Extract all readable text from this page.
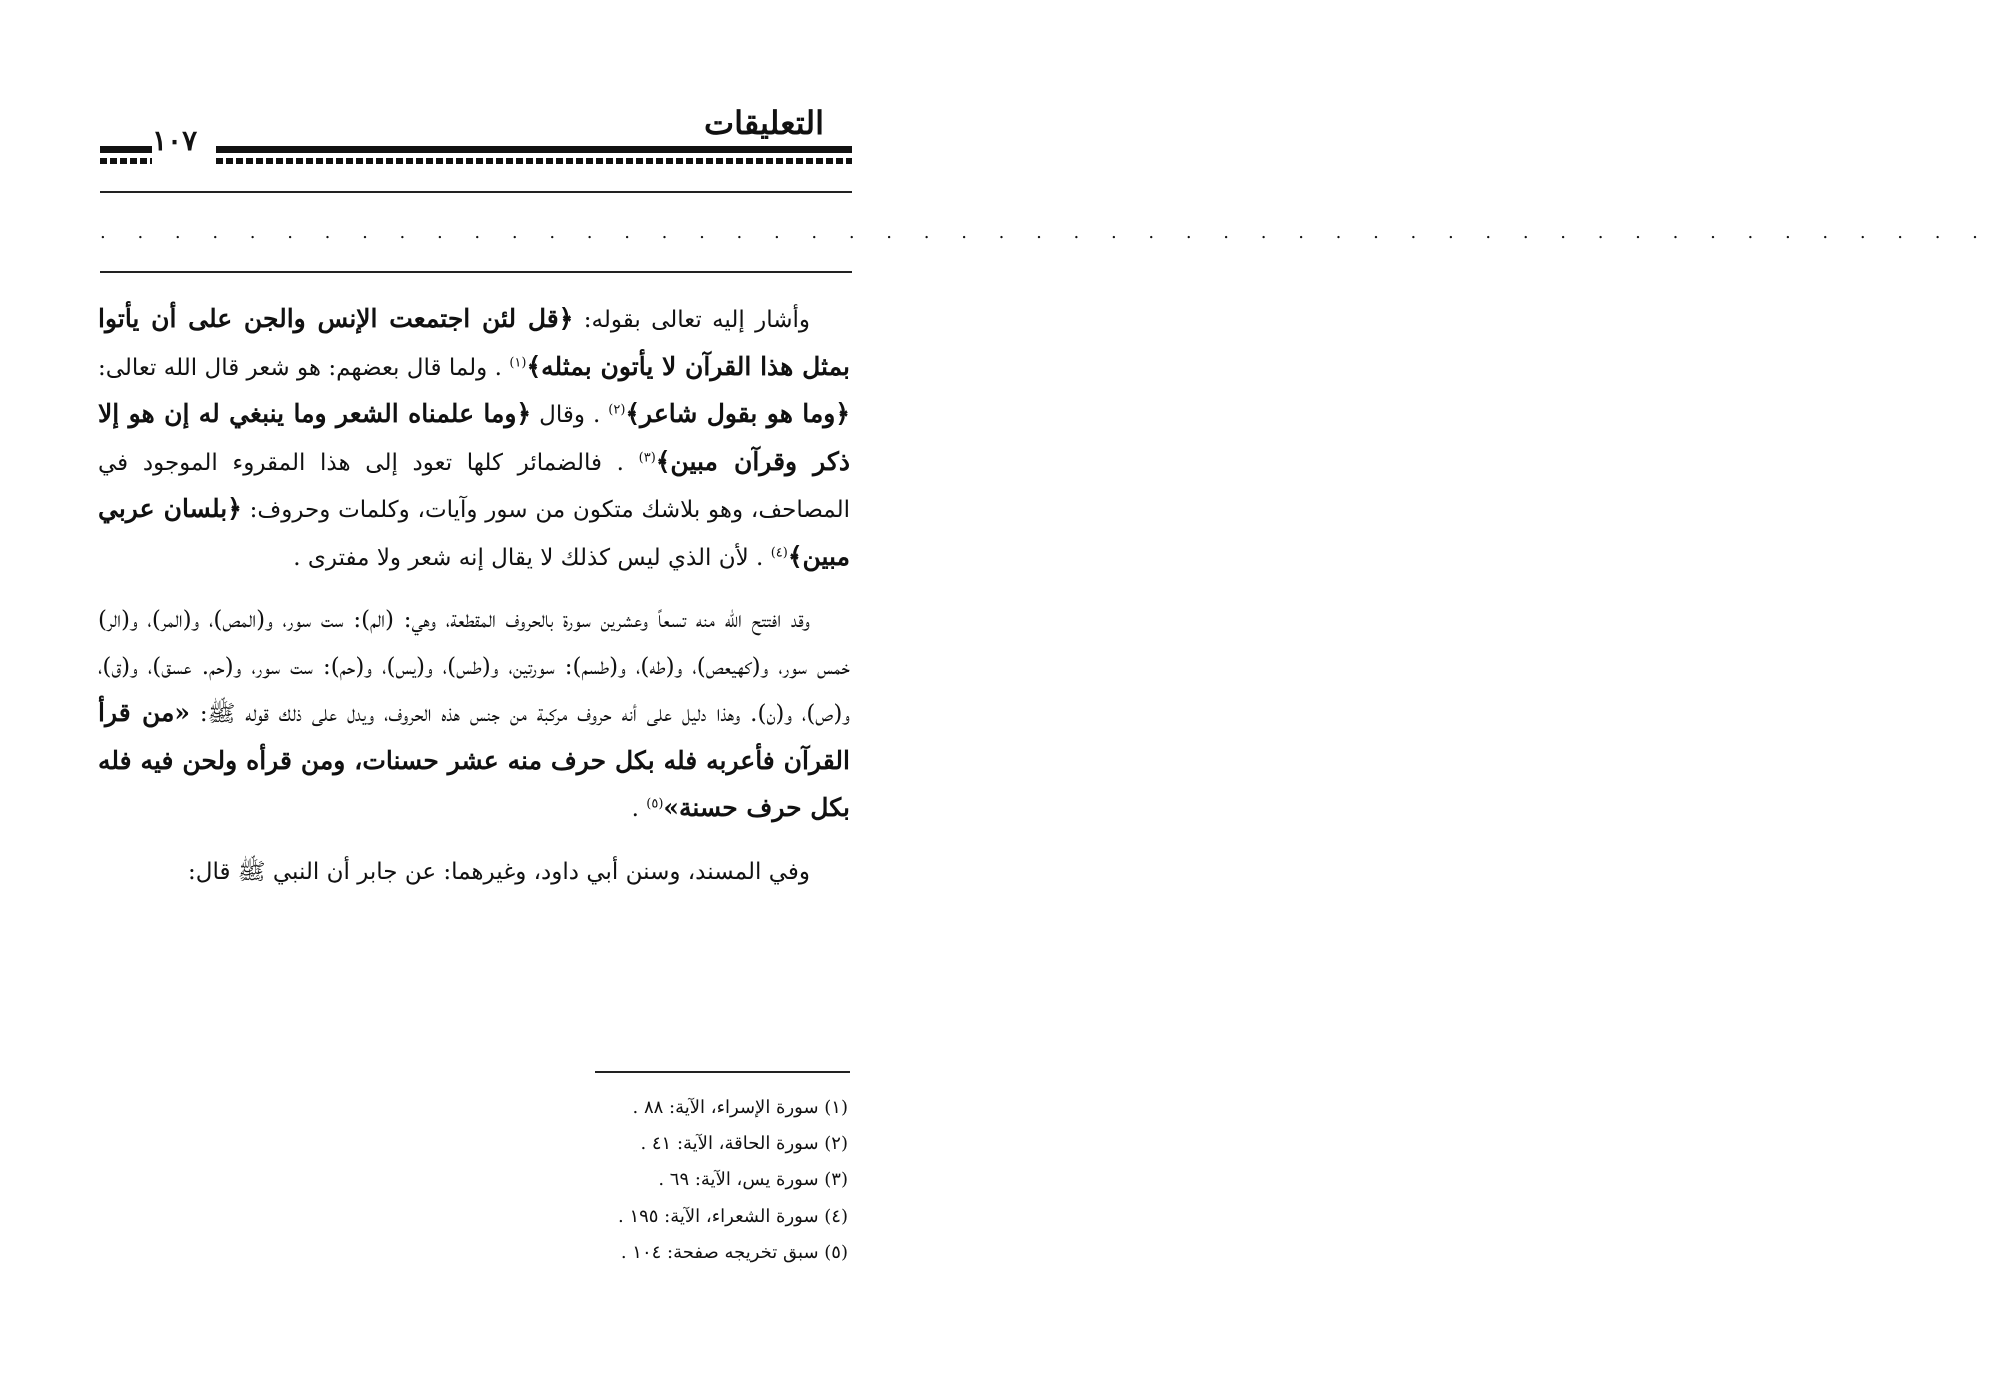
التعليقات
١٠٧
. . . . . . . . . . . . . . . . . . . . . . . . . . . . . . . . . . . . . . . . . . . . . . . . . . .

وأشار إليه تعالى بقوله: ﴿قل لئن اجتمعت الإنس والجن على أن يأتوا بمثل هذا القرآن لا يأتون بمثله﴾$^{(١)}$ . ولما قال بعضهم: هو شعر قال الله تعالى: ﴿وما هو بقول شاعر﴾$^{(٢)}$ . وقال ﴿وما علمناه الشعر وما ينبغي له إن هو إلا ذكر وقرآن مبين﴾$^{(٣)}$ . فالضمائر كلها تعود إلى هذا المقروء الموجود في المصاحف، وهو بلاشك متكون من سور وآيات، وكلمات وحروف: ﴿بلسان عربي مبين﴾$^{(٤)}$ . لأن الذي ليس كذلك لا يقال إنه شعر ولا مفترى .

وقد افتتح الله منه تسعاً وعشرين سورة بالحروف المقطعة، وهي: (الم): ست سور، و(المص)، و(المر)، و(الر) خمس سور، و(كهيعص)، و(طه)، و(طسم): سورتين، و(طس)، و(يس)، و(حم): ست سور، و(حم. عسق)، و(ق)، و(ص)، و(ن). وهذا دليل على أنه حروف مركبة من جنس هذه الحروف، ويدل على ذلك قوله ﷺ: «من قرأ القرآن فأعربه فله بكل حرف منه عشر حسنات، ومن قرأه ولحن فيه فله بكل حرف حسنة»$^{(٥)}$ .

وفي المسند، وسنن أبي داود، وغيرهما: عن جابر أن النبي ﷺ قال:

(١) سورة الإسراء، الآية: ٨٨ .
(٢) سورة الحاقة، الآية: ٤١ .
(٣) سورة يس، الآية: ٦٩ .
(٤) سورة الشعراء، الآية: ١٩٥ .
(٥) سبق تخريجه صفحة: ١٠٤ .
